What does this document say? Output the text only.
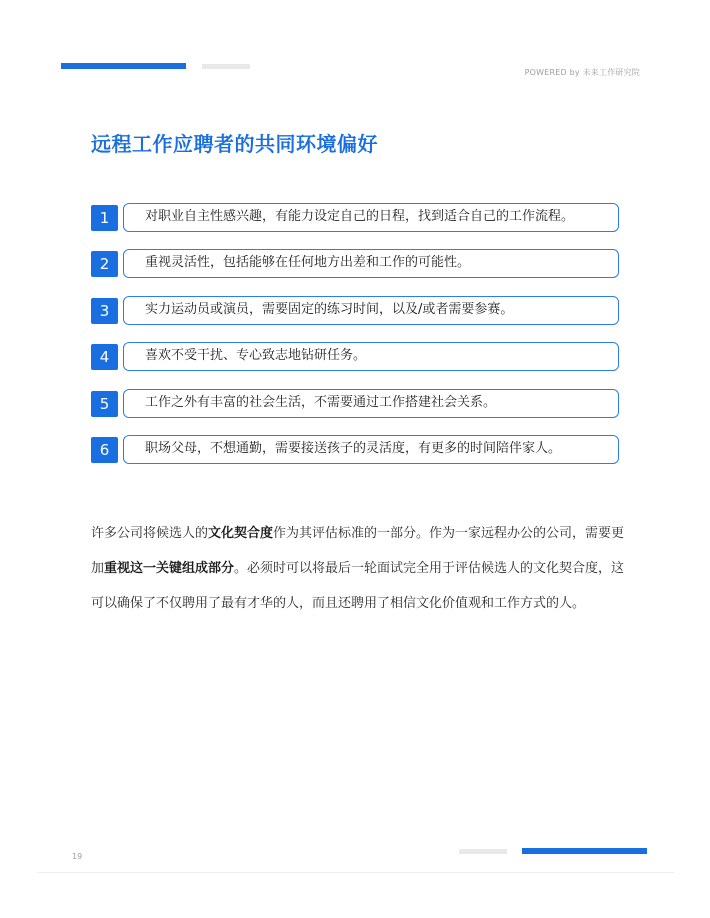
POWERED by 未来工作研究院
远程工作应聘者的共同环境偏好
1	对职业自主性感兴趣，有能力设定自己的日程，找到适合自己的工作流程。
2	重视灵活性，包括能够在任何地方出差和工作的可能性。
3	实力运动员或演员，需要固定的练习时间，以及/或者需要参赛。
4	喜欢不受干扰、专心致志地钻研任务。
5	工作之外有丰富的社会生活，不需要通过工作搭建社会关系。
6	职场父母，不想通勤，需要接送孩子的灵活度，有更多的时间陪伴家人。

许多公司将候选人的文化契合度作为其评估标准的一部分。作为一家远程办公的公司，需要更加重视这一关键组成部分。必须时可以将最后一轮面试完全用于评估候选人的文化契合度，这可以确保了不仅聘用了最有才华的人，而且还聘用了相信文化价值观和工作方式的人。

19
